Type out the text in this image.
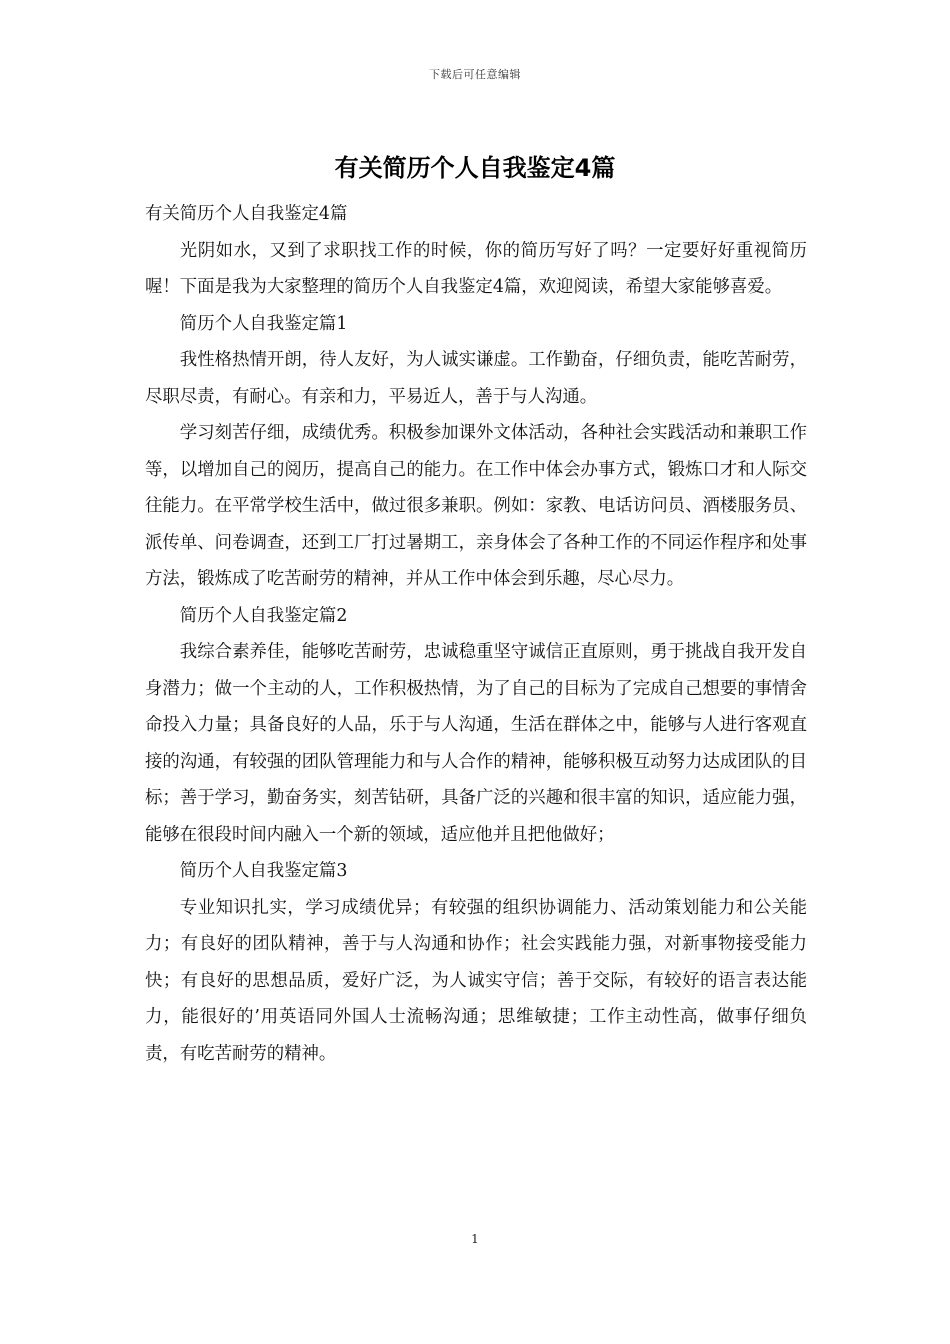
下载后可任意编辑
有关简历个人自我鉴定4篇

有关简历个人自我鉴定4篇

光阴如水，又到了求职找工作的时候，你的简历写好了吗？一定要好好重视简历喔！下面是我为大家整理的简历个人自我鉴定4篇，欢迎阅读，希望大家能够喜爱。

简历个人自我鉴定篇1

我性格热情开朗，待人友好，为人诚实谦虚。工作勤奋，仔细负责，能吃苦耐劳，尽职尽责，有耐心。有亲和力，平易近人，善于与人沟通。

学习刻苦仔细，成绩优秀。积极参加课外文体活动，各种社会实践活动和兼职工作等，以增加自己的阅历，提高自己的能力。在工作中体会办事方式，锻炼口才和人际交往能力。在平常学校生活中，做过很多兼职。例如：家教、电话访问员、酒楼服务员、派传单、问卷调查，还到工厂打过暑期工，亲身体会了各种工作的不同运作程序和处事方法，锻炼成了吃苦耐劳的精神，并从工作中体会到乐趣，尽心尽力。

简历个人自我鉴定篇2

我综合素养佳，能够吃苦耐劳，忠诚稳重坚守诚信正直原则，勇于挑战自我开发自身潜力；做一个主动的人，工作积极热情，为了自己的目标为了完成自己想要的事情舍命投入力量；具备良好的人品，乐于与人沟通，生活在群体之中，能够与人进行客观直接的沟通，有较强的团队管理能力和与人合作的精神，能够积极互动努力达成团队的目标；善于学习，勤奋务实，刻苦钻研，具备广泛的兴趣和很丰富的知识，适应能力强，能够在很段时间内融入一个新的领域，适应他并且把他做好；

简历个人自我鉴定篇3

专业知识扎实，学习成绩优异；有较强的组织协调能力、活动策划能力和公关能力；有良好的团队精神，善于与人沟通和协作；社会实践能力强，对新事物接受能力快；有良好的思想品质，爱好广泛，为人诚实守信；善于交际，有较好的语言表达能力，能很好的’用英语同外国人士流畅沟通；思维敏捷；工作主动性高，做事仔细负责，有吃苦耐劳的精神。

1
